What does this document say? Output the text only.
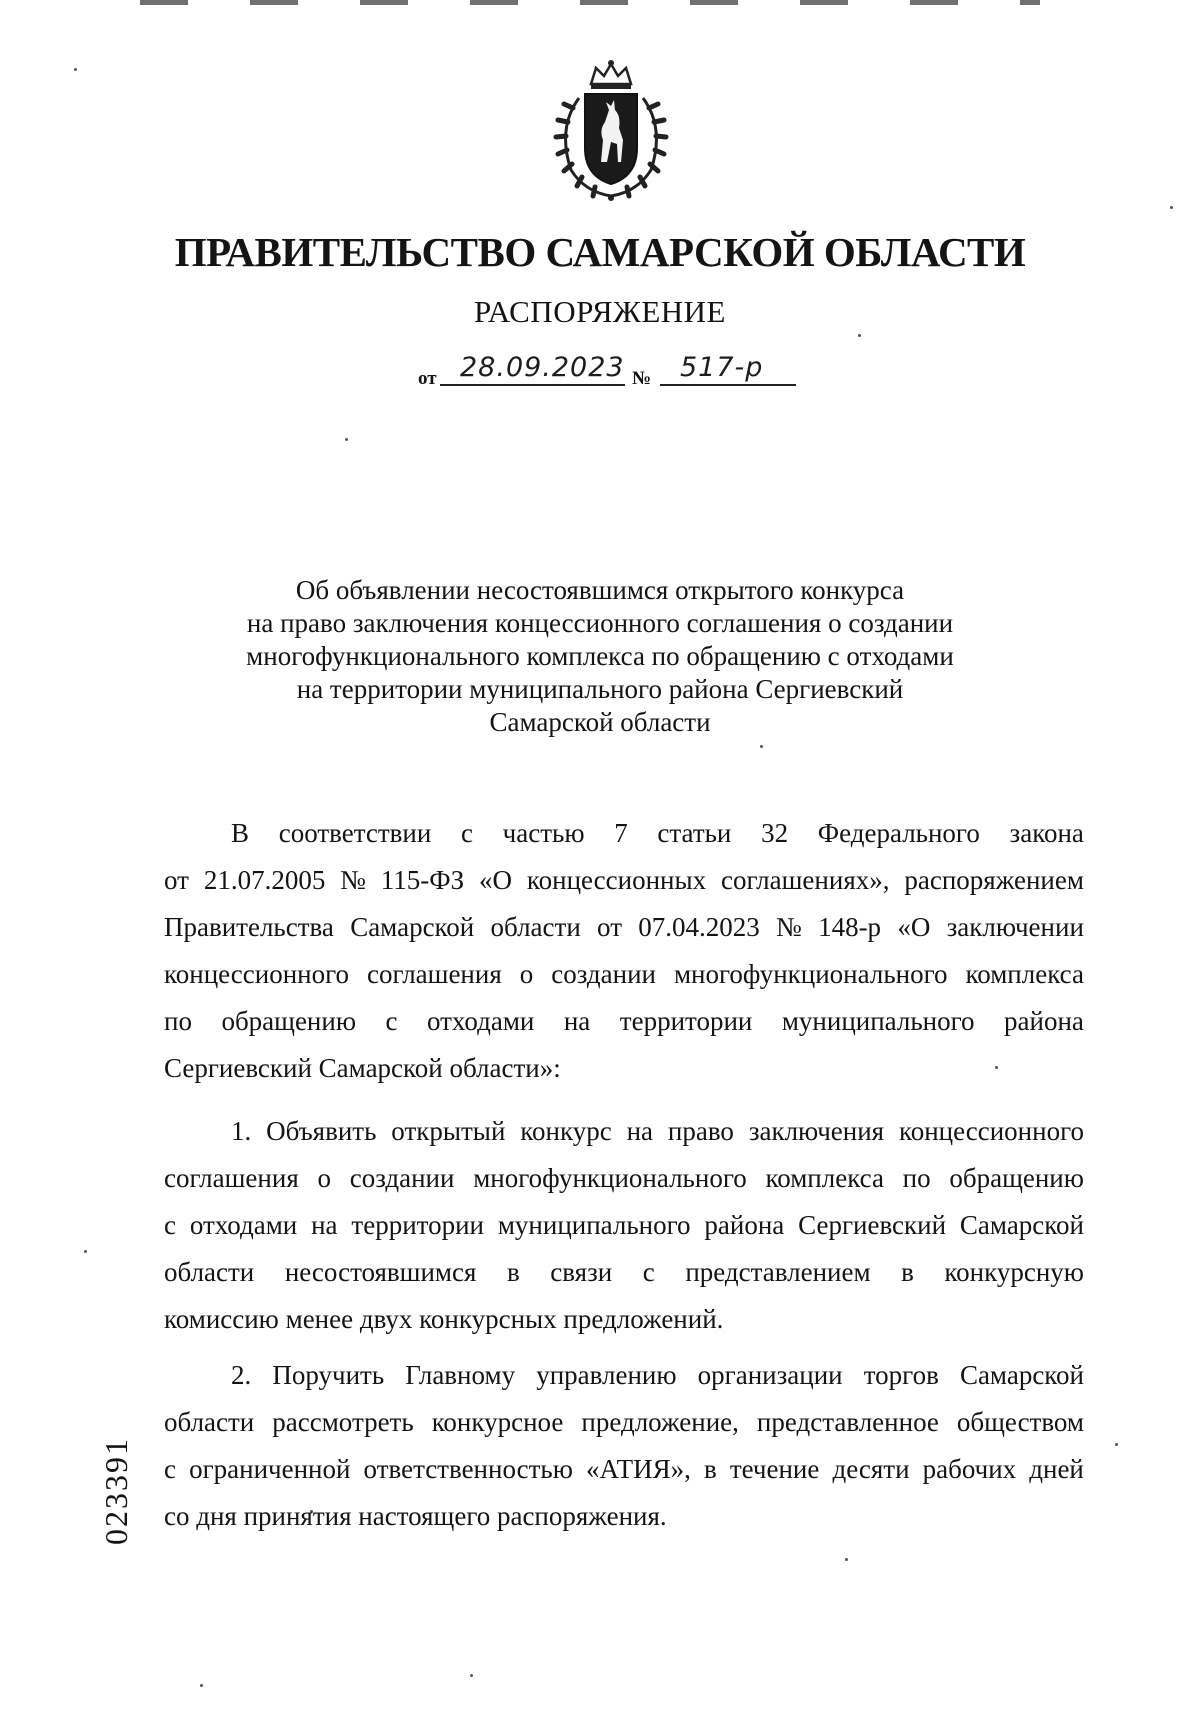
ПРАВИТЕЛЬСТВО САМАРСКОЙ ОБЛАСТИ
РАСПОРЯЖЕНИЕ
от 28.09.2023 № 517-р
Об объявлении несостоявшимся открытого конкурса
на право заключения концессионного соглашения о создании
многофункционального комплекса по обращению с отходами
на территории муниципального района Сергиевский
Самарской области
В соответствии с частью 7 статьи 32 Федерального закона
от 21.07.2005 № 115-ФЗ «О концессионных соглашениях», распоряжением
Правительства Самарской области от 07.04.2023 № 148-р «О заключении
концессионного соглашения о создании многофункционального комплекса
по обращению с отходами на территории муниципального района
Сергиевский Самарской области»:
1. Объявить открытый конкурс на право заключения концессионного
соглашения о создании многофункционального комплекса по обращению
с отходами на территории муниципального района Сергиевский Самарской
области несостоявшимся в связи с представлением в конкурсную
комиссию менее двух конкурсных предложений.
2. Поручить Главному управлению организации торгов Самарской
области рассмотреть конкурсное предложение, представленное обществом
с ограниченной ответственностью «АТИЯ», в течение десяти рабочих дней
со дня принятия настоящего распоряжения.
023391
